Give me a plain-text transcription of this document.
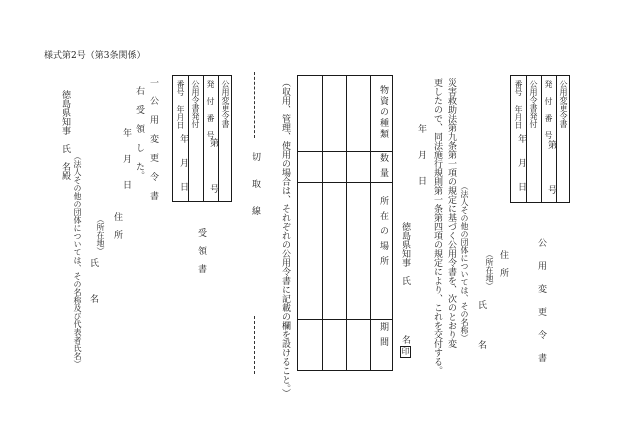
様式第2号（第3条関係）
公用変更令書
発 付 番 号
公用令書発付
番号 年月日
第
号
年
月
日
公 用 変 更 令 書
住　所
（所在地）
氏
名
（法人その他の団体については、その名称）
災害救助法第九条第一項の規定に基づく公用令書を、次のとおり変
更したので、同法施行規則第一条第四項の規定により、これを交付する。
年
月
日
徳島県知事　氏
名
印
物資の種類
数量
所在の場所
期間
（収用、管理、使用の場合は、それぞれの公用令書に記載の欄を設けること。）
切　　取　　線
公用変更令書
発 付 番 号
公用令書発付
番号 年月日
第
号
年
月
日
受　領　書
一　公 用 変 更 令 書
右 受 領 し た。
年
月
日
住　所
（所在地）
氏
名
（法人その他の団体については、その名称及び代表者氏名）
徳島県知事　氏　名殿
